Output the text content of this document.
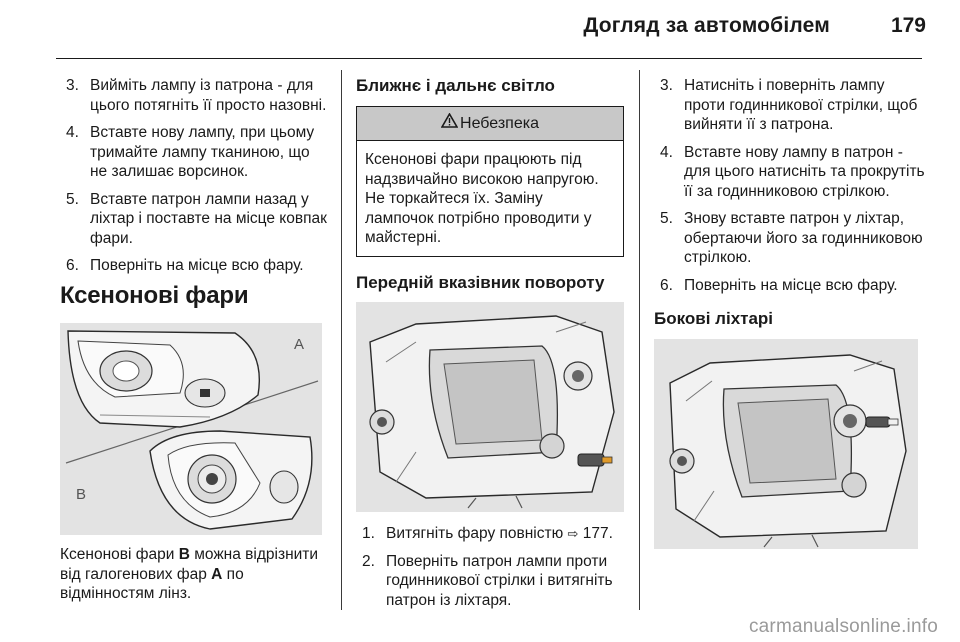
Догляд за автомобілем	179
3. Вийміть лампу із патрона - для цього потягніть її просто назовні.
4. Вставте нову лампу, при цьому тримайте лампу тканиною, що не залишає ворсинок.
5. Вставте патрон лампи назад у ліхтар і поставте на місце ковпак фари.
6. Поверніть на місце всю фару.
Ксенонові фари
A
B
Ксенонові фари B можна відрізнити від галогенових фар A по відмінностям лінз.
Ближнє і дальнє світло
Небезпека
Ксенонові фари працюють під надзвичайно високою напругою. Не торкайтеся їх. Заміну лампочок потрібно проводити у майстерні.
Передній вказівник повороту
1. Витягніть фару повністю ⇨ 177.
2. Поверніть патрон лампи проти годинникової стрілки і витягніть патрон із ліхтаря.
3. Натисніть і поверніть лампу проти годинникової стрілки, щоб вийняти її з патрона.
4. Вставте нову лампу в патрон - для цього натисніть та прокрутіть її за годинниковою стрілкою.
5. Знову вставте патрон у ліхтар, обертаючи його за годинниковою стрілкою.
6. Поверніть на місце всю фару.
Бокові ліхтарі
carmanualsonline.info
